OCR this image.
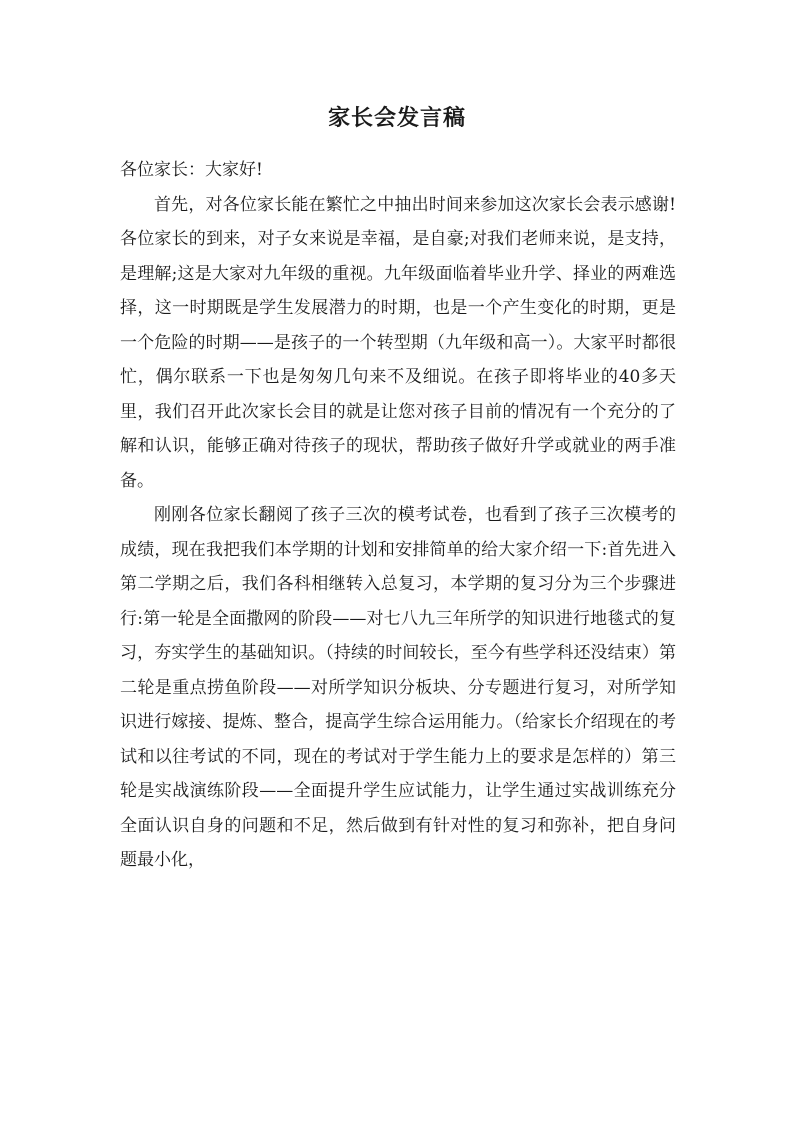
家长会发言稿

各位家长：大家好!

首先，对各位家长能在繁忙之中抽出时间来参加这次家长会表示感谢!各位家长的到来，对子女来说是幸福，是自豪;对我们老师来说，是支持，是理解;这是大家对九年级的重视。九年级面临着毕业升学、择业的两难选择，这一时期既是学生发展潜力的时期，也是一个产生变化的时期，更是一个危险的时期——是孩子的一个转型期（九年级和高一）。大家平时都很忙，偶尔联系一下也是匆匆几句来不及细说。在孩子即将毕业的40多天里，我们召开此次家长会目的就是让您对孩子目前的情况有一个充分的了解和认识，能够正确对待孩子的现状，帮助孩子做好升学或就业的两手准备。

刚刚各位家长翻阅了孩子三次的模考试卷，也看到了孩子三次模考的成绩，现在我把我们本学期的计划和安排简单的给大家介绍一下:首先进入第二学期之后，我们各科相继转入总复习，本学期的复习分为三个步骤进行:第一轮是全面撒网的阶段——对七八九三年所学的知识进行地毯式的复习，夯实学生的基础知识。（持续的时间较长，至今有些学科还没结束）第二轮是重点捞鱼阶段——对所学知识分板块、分专题进行复习，对所学知识进行嫁接、提炼、整合，提高学生综合运用能力。（给家长介绍现在的考试和以往考试的不同，现在的考试对于学生能力上的要求是怎样的）第三轮是实战演练阶段——全面提升学生应试能力，让学生通过实战训练充分全面认识自身的问题和不足，然后做到有针对性的复习和弥补，把自身问题最小化，
